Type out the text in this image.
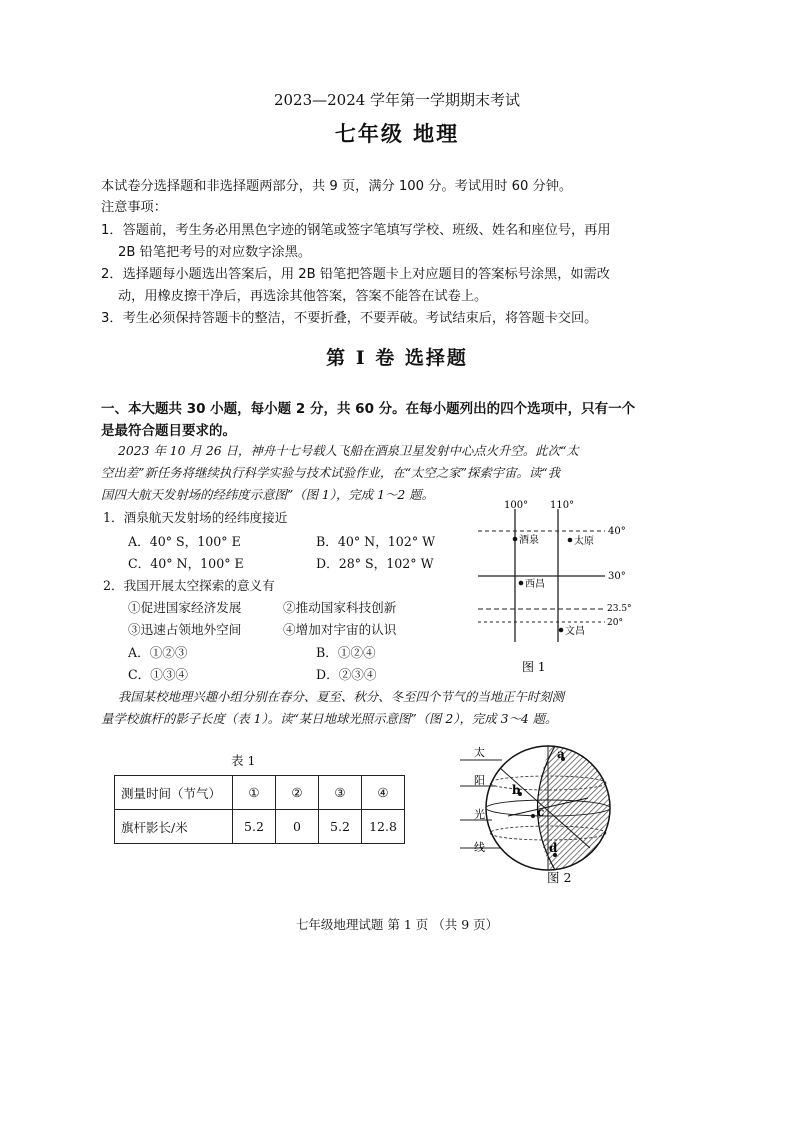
2023—2024 学年第一学期期末考试
七年级 地理
本试卷分选择题和非选择题两部分，共 9 页，满分 100 分。考试用时 60 分钟。
注意事项：
1．答题前，考生务必用黑色字迹的钢笔或签字笔填写学校、班级、姓名和座位号，再用
2B 铅笔把考号的对应数字涂黑。
2．选择题每小题选出答案后，用 2B 铅笔把答题卡上对应题目的答案标号涂黑，如需改
动，用橡皮擦干净后，再选涂其他答案，答案不能答在试卷上。
3．考生必须保持答题卡的整洁，不要折叠，不要弄破。考试结束后，将答题卡交回。
第 Ⅰ 卷 选择题
一、本大题共 30 小题，每小题 2 分，共 60 分。在每小题列出的四个选项中，只有一个
是最符合题目要求的。
2023 年 10 月 26 日，神舟十七号载人飞船在酒泉卫星发射中心点火升空。此次“太
空出差”新任务将继续执行科学实验与技术试验作业，在“太空之家”探索宇宙。读“我
国四大航天发射场的经纬度示意图”（图 1），完成 1～2 题。
1．酒泉航天发射场的经纬度接近
A．40° S，100° E	B．40° N，102° W
C．40° N，100° E	D．28° S，102° W
2．我国开展太空探索的意义有
①促进国家经济发展	②推动国家科技创新
③迅速占领地外空间	④增加对宇宙的认识
A．①②③	B．①②④
C．①③④	D．②③④
100° 110°
40°
30°
23.5°
20°
酒泉	太原
西昌
文昌
图 1
我国某校地理兴趣小组分别在春分、夏至、秋分、冬至四个节气的当地正午时刻测
量学校旗杆的影子长度（表 1）。读“某日地球光照示意图”（图 2），完成 3～4 题。
表 1
测量时间（节气）	①	②	③	④
旗杆影长/米	5.2	0	5.2	12.8
太
阳
光
线
a
b
c
d
图 2
七年级地理试题 第 1 页 （共 9 页）
